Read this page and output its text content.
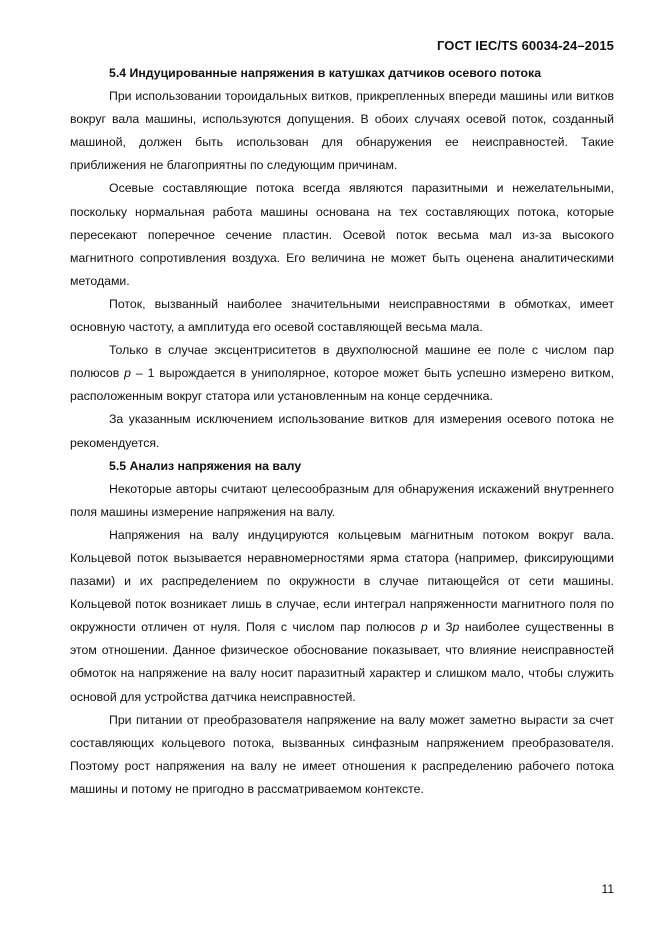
ГОСТ IEC/TS 60034-24–2015
5.4 Индуцированные напряжения в катушках датчиков осевого потока

При использовании тороидальных витков, прикрепленных впереди машины или витков вокруг вала машины, используются допущения. В обоих случаях осевой поток, созданный машиной, должен быть использован для обнаружения ее неисправностей. Такие приближения не благоприятны по следующим причинам.

Осевые составляющие потока всегда являются паразитными и нежелательными, поскольку нормальная работа машины основана на тех составляющих потока, которые пересекают поперечное сечение пластин. Осевой поток весьма мал из-за высокого магнитного сопротивления воздуха. Его величина не может быть оценена аналитическими методами.

Поток, вызванный наиболее значительными неисправностями в обмотках, имеет основную частоту, а амплитуда его осевой составляющей весьма мала.

Только в случае эксцентриситетов в двухполюсной машине ее поле с числом пар полюсов p – 1 вырождается в униполярное, которое может быть успешно измерено витком, расположенным вокруг статора или установленным на конце сердечника.

За указанным исключением использование витков для измерения осевого потока не рекомендуется.

5.5 Анализ напряжения на валу

Некоторые авторы считают целесообразным для обнаружения искажений внутреннего поля машины измерение напряжения на валу.

Напряжения на валу индуцируются кольцевым магнитным потоком вокруг вала. Кольцевой поток вызывается неравномерностями ярма статора (например, фиксирующими пазами) и их распределением по окружности в случае питающейся от сети машины. Кольцевой поток возникает лишь в случае, если интеграл напряженности магнитного поля по окружности отличен от нуля. Поля с числом пар полюсов p и 3p наиболее существенны в этом отношении. Данное физическое обоснование показывает, что влияние неисправностей обмоток на напряжение на валу носит паразитный характер и слишком мало, чтобы служить основой для устройства датчика неисправностей.

При питании от преобразователя напряжение на валу может заметно вырасти за счет составляющих кольцевого потока, вызванных синфазным напряжением преобразователя. Поэтому рост напряжения на валу не имеет отношения к распределению рабочего потока машины и потому не пригодно в рассматриваемом контексте.

11
